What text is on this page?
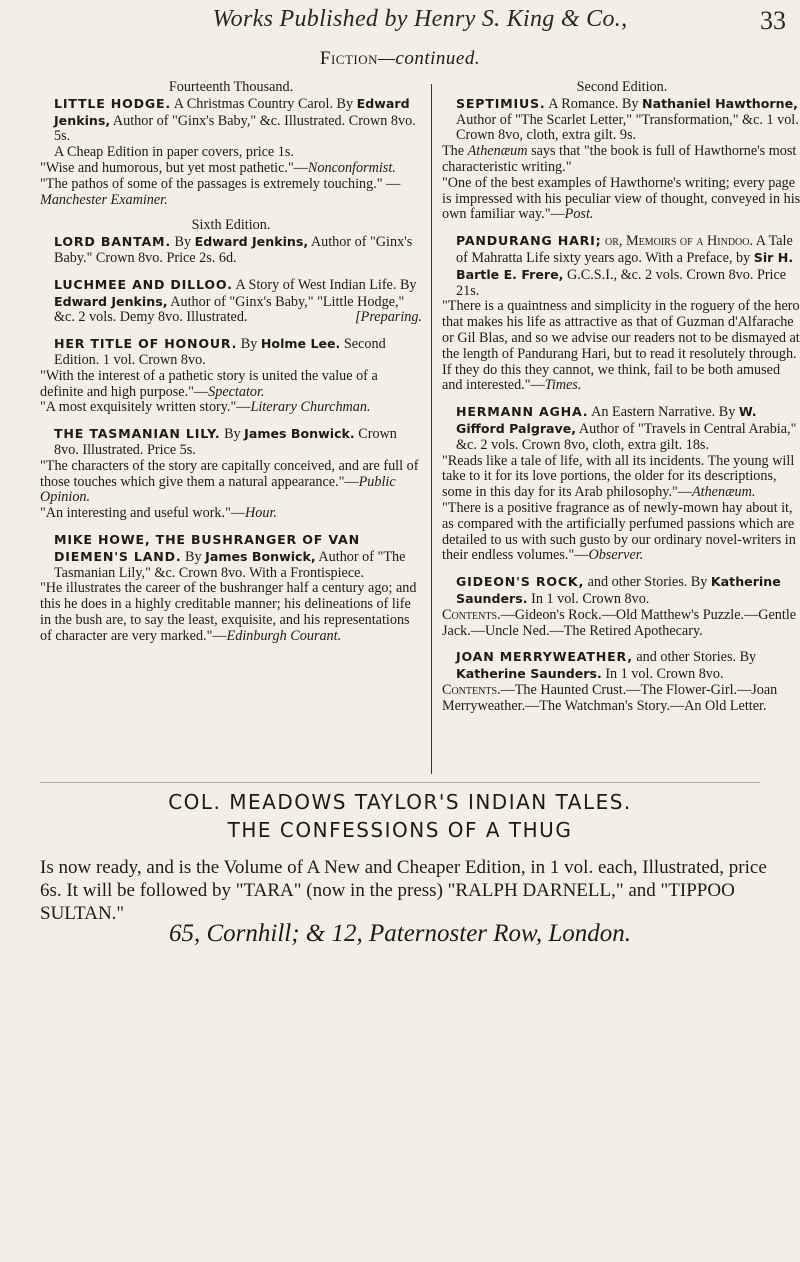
Works Published by Henry S. King & Co.,	33
Fiction—continued.

Fourteenth Thousand.

LITTLE HODGE. A Christmas Country Carol. By Edward Jenkins, Author of "Ginx's Baby," &c. Illustrated. Crown 8vo. 5s.

A Cheap Edition in paper covers, price 1s.

"Wise and humorous, but yet most pathetic."—Nonconformist.

"The pathos of some of the passages is extremely touching." — Manchester Examiner.

Sixth Edition.

LORD BANTAM. By Edward Jenkins, Author of "Ginx's Baby." Crown 8vo. Price 2s. 6d.

LUCHMEE AND DILLOO. A Story of West Indian Life. By Edward Jenkins, Author of "Ginx's Baby," "Little Hodge," &c. 2 vols. Demy 8vo. Illustrated.	[Preparing.

HER TITLE OF HONOUR. By Holme Lee. Second Edition. 1 vol. Crown 8vo.

"With the interest of a pathetic story is united the value of a definite and high purpose."—Spectator.

"A most exquisitely written story."—Literary Churchman.

THE TASMANIAN LILY. By James Bonwick. Crown 8vo. Illustrated. Price 5s.

"The characters of the story are capitally conceived, and are full of those touches which give them a natural appearance."—Public Opinion.

"An interesting and useful work."—Hour.

MIKE HOWE, THE BUSHRANGER OF VAN DIEMEN'S LAND. By James Bonwick, Author of "The Tasmanian Lily," &c. Crown 8vo. With a Frontispiece.

"He illustrates the career of the bushranger half a century ago; and this he does in a highly creditable manner; his delineations of life in the bush are, to say the least, exquisite, and his representations of character are very marked."—Edinburgh Courant.

Second Edition.

SEPTIMIUS. A Romance. By Nathaniel Hawthorne, Author of "The Scarlet Letter," "Transformation," &c. 1 vol. Crown 8vo, cloth, extra gilt. 9s.

The Athenæum says that "the book is full of Hawthorne's most characteristic writing."

"One of the best examples of Hawthorne's writing; every page is impressed with his peculiar view of thought, conveyed in his own familiar way."—Post.

PANDURANG HARI; or, Memoirs of a Hindoo. A Tale of Mahratta Life sixty years ago. With a Preface, by Sir H. Bartle E. Frere, G.C.S.I., &c. 2 vols. Crown 8vo. Price 21s.

"There is a quaintness and simplicity in the roguery of the hero that makes his life as attractive as that of Guzman d'Alfarache or Gil Blas, and so we advise our readers not to be dismayed at the length of Pandurang Hari, but to read it resolutely through. If they do this they cannot, we think, fail to be both amused and interested."—Times.

HERMANN AGHA. An Eastern Narrative. By W. Gifford Palgrave, Author of "Travels in Central Arabia," &c. 2 vols. Crown 8vo, cloth, extra gilt. 18s.

"Reads like a tale of life, with all its incidents. The young will take to it for its love portions, the older for its descriptions, some in this day for its Arab philosophy."—Athenæum.

"There is a positive fragrance as of newly-mown hay about it, as compared with the artificially perfumed passions which are detailed to us with such gusto by our ordinary novel-writers in their endless volumes."—Observer.

GIDEON'S ROCK, and other Stories. By Katherine Saunders. In 1 vol. Crown 8vo.

Contents.—Gideon's Rock.—Old Matthew's Puzzle.—Gentle Jack.—Uncle Ned.—The Retired Apothecary.

JOAN MERRYWEATHER, and other Stories. By Katherine Saunders. In 1 vol. Crown 8vo.

Contents.—The Haunted Crust.—The Flower-Girl.—Joan Merryweather.—The Watchman's Story.—An Old Letter.

COL. MEADOWS TAYLOR'S INDIAN TALES.
THE CONFESSIONS OF A THUG
Is now ready, and is the Volume of A New and Cheaper Edition, in 1 vol. each, Illustrated, price 6s. It will be followed by "TARA" (now in the press) "RALPH DARNELL," and "TIPPOO SULTAN."
65, Cornhill; & 12, Paternoster Row, London.
